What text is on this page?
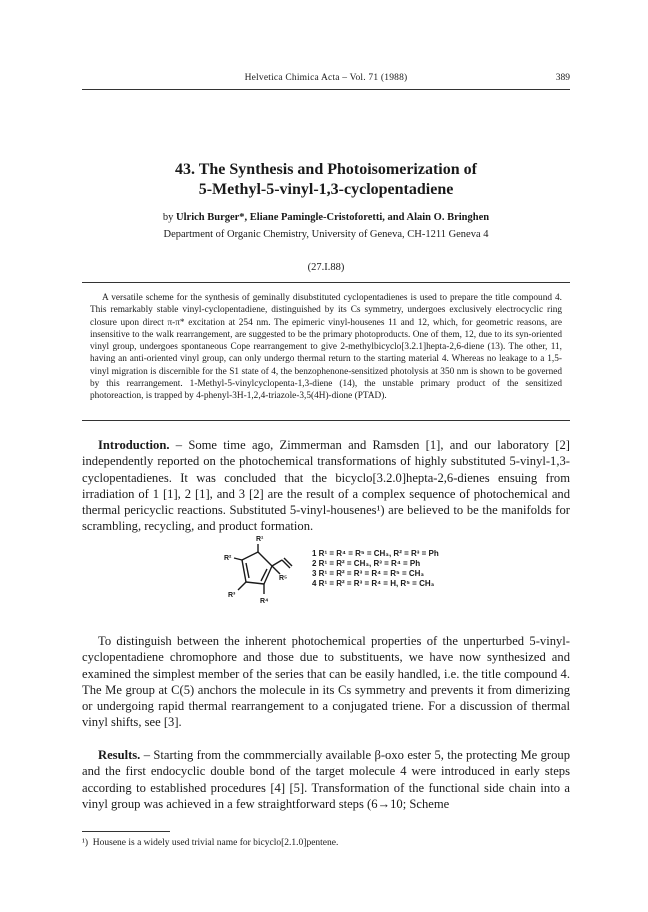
Helvetica Chimica Acta – Vol. 71 (1988)	389
43. The Synthesis and Photoisomerization of
5-Methyl-5-vinyl-1,3-cyclopentadiene
by Ulrich Burger*, Eliane Pamingle-Cristoforetti, and Alain O. Bringhen
Department of Organic Chemistry, University of Geneva, CH-1211 Geneva 4
(27.I.88)
A versatile scheme for the synthesis of geminally disubstituted cyclopentadienes is used to prepare the title compound 4. This remarkably stable vinyl-cyclopentadiene, distinguished by its Cs symmetry, undergoes exclusively electrocyclic ring closure upon direct π-π* excitation at 254 nm. The epimeric vinyl-housenes 11 and 12, which, for geometric reasons, are insensitive to the walk rearrangement, are suggested to be the primary photoproducts. One of them, 12, due to its syn-oriented vinyl group, undergoes spontaneous Cope rearrangement to give 2-methylbicyclo[3.2.1]hepta-2,6-diene (13). The other, 11, having an anti-oriented vinyl group, can only undergo thermal return to the starting material 4. Whereas no leakage to a 1,5-vinyl migration is discernible for the S1 state of 4, the benzophenone-sensitized photolysis at 350 nm is shown to be governed by this rearrangement. 1-Methyl-5-vinylcyclopenta-1,3-diene (14), the unstable primary product of the sensitized photoreaction, is trapped by 4-phenyl-3H-1,2,4-triazole-3,5(4H)-dione (PTAD).
Introduction. – Some time ago, Zimmerman and Ramsden [1], and our laboratory [2] independently reported on the photochemical transformations of highly substituted 5-vinyl-1,3-cyclopentadienes. It was concluded that the bicyclo[3.2.0]hepta-2,6-dienes ensuing from irradiation of 1 [1], 2 [1], and 3 [2] are the result of a complex sequence of photochemical and thermal pericyclic reactions. Substituted 5-vinyl-housenes¹) are believed to be the manifolds for scrambling, recycling, and product formation.
R¹
R²
R³
R⁴
R⁵
1 R¹ = R⁴ = R⁵ = CH₃, R² = R³ = Ph
2 R¹ = R² = CH₃, R³ = R⁴ = Ph
3 R¹ = R² = R³ = R⁴ = R⁵ = CH₃
4 R¹ = R² = R³ = R⁴ = H, R⁵ = CH₃
To distinguish between the inherent photochemical properties of the unperturbed 5-vinyl-cyclopentadiene chromophore and those due to substituents, we have now synthesized and examined the simplest member of the series that can be easily handled, i.e. the title compound 4. The Me group at C(5) anchors the molecule in its Cs symmetry and prevents it from dimerizing or undergoing rapid thermal rearrangement to a conjugated triene. For a discussion of thermal vinyl shifts, see [3].
Results. – Starting from the commmercially available β-oxo ester 5, the protecting Me group and the first endocyclic double bond of the target molecule 4 were introduced in early steps according to established procedures [4] [5]. Transformation of the functional side chain into a vinyl group was achieved in a few straightforward steps (6→10; Scheme
¹) Housene is a widely used trivial name for bicyclo[2.1.0]pentene.
